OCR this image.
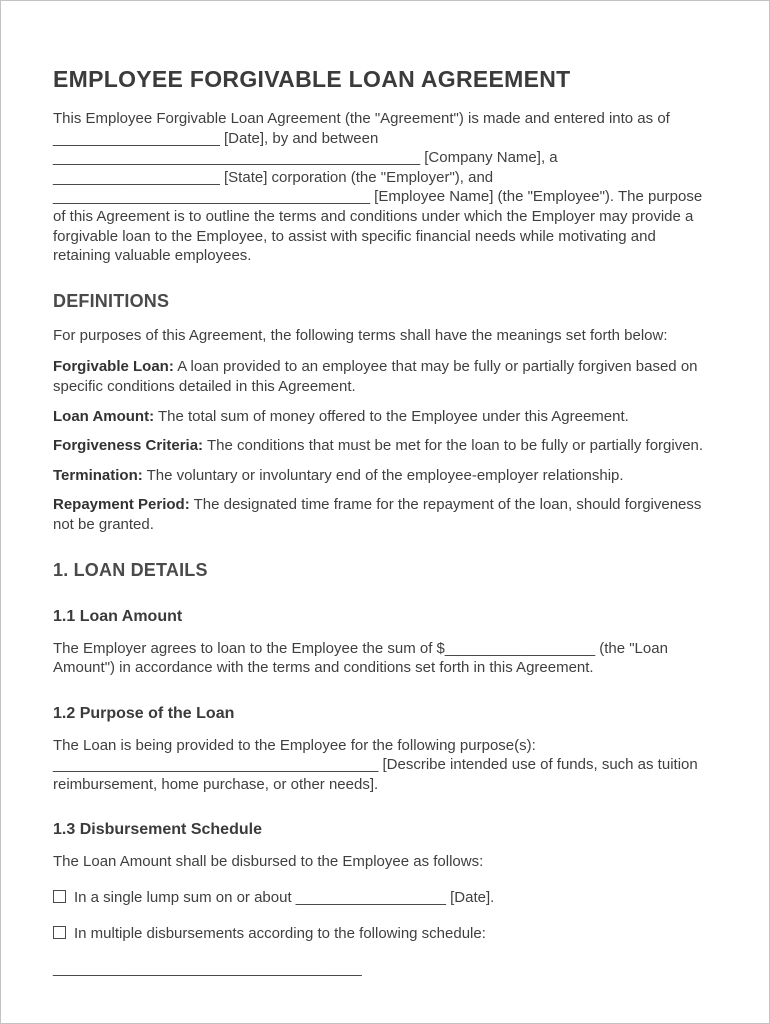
EMPLOYEE FORGIVABLE LOAN AGREEMENT

This Employee Forgivable Loan Agreement (the "Agreement") is made and entered into as of ____________________ [Date], by and between ____________________________________________ [Company Name], a ____________________ [State] corporation (the "Employer"), and ______________________________________ [Employee Name] (the "Employee"). The purpose of this Agreement is to outline the terms and conditions under which the Employer may provide a forgivable loan to the Employee, to assist with specific financial needs while motivating and retaining valuable employees.

DEFINITIONS

For purposes of this Agreement, the following terms shall have the meanings set forth below:

Forgivable Loan: A loan provided to an employee that may be fully or partially forgiven based on specific conditions detailed in this Agreement.

Loan Amount: The total sum of money offered to the Employee under this Agreement.

Forgiveness Criteria: The conditions that must be met for the loan to be fully or partially forgiven.

Termination: The voluntary or involuntary end of the employee-employer relationship.

Repayment Period: The designated time frame for the repayment of the loan, should forgiveness not be granted.

1. LOAN DETAILS
1.1 Loan Amount

The Employer agrees to loan to the Employee the sum of $__________________ (the "Loan Amount") in accordance with the terms and conditions set forth in this Agreement.

1.2 Purpose of the Loan

The Loan is being provided to the Employee for the following purpose(s): _______________________________________ [Describe intended use of funds, such as tuition reimbursement, home purchase, or other needs].

1.3 Disbursement Schedule

The Loan Amount shall be disbursed to the Employee as follows:

In a single lump sum on or about __________________ [Date].
In multiple disbursements according to the following schedule:

_____________________________________
